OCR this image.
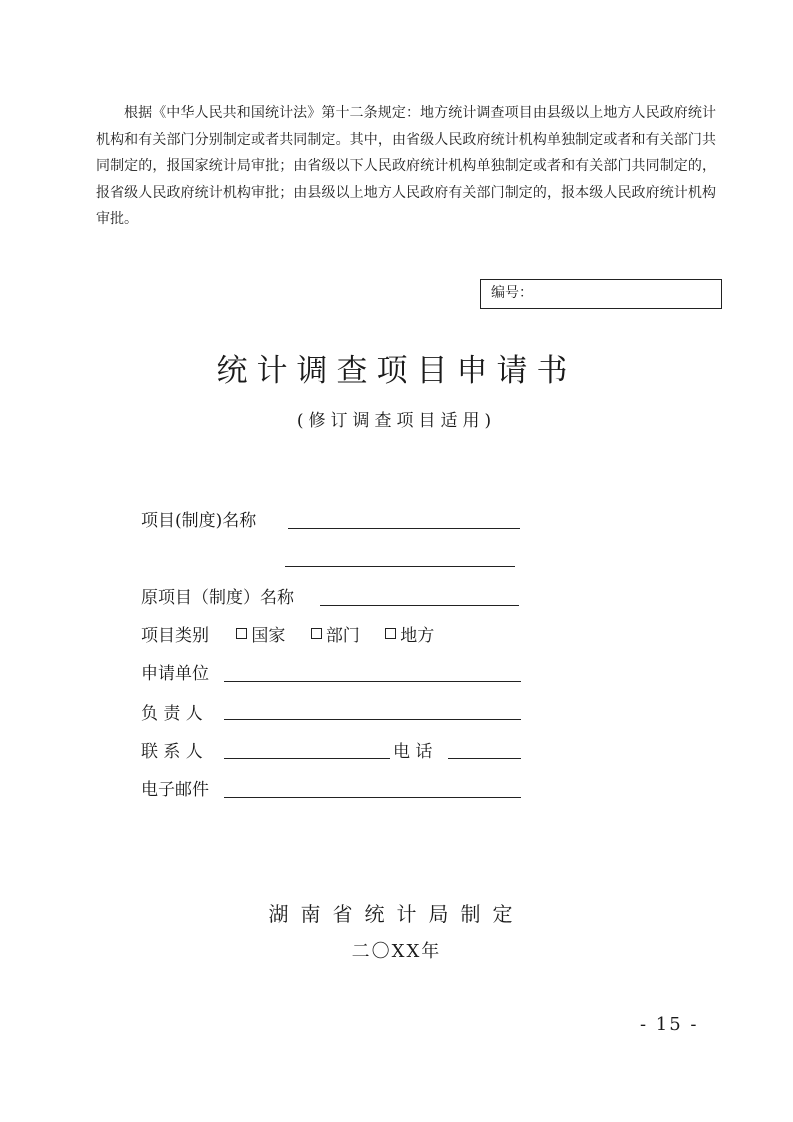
根据《中华人民共和国统计法》第十二条规定：地方统计调查项目由县级以上地方人民政府统计机构和有关部门分别制定或者共同制定。其中，由省级人民政府统计机构单独制定或者和有关部门共同制定的，报国家统计局审批；由省级以下人民政府统计机构单独制定或者和有关部门共同制定的，报省级人民政府统计机构审批；由县级以上地方人民政府有关部门制定的，报本级人民政府统计机构审批。

编号：
统计调查项目申请书
(修订调查项目适用)
项目(制度)名称
原项目（制度）名称
项目类别 国家 部门 地方
申请单位
负 责 人
联 系 人	电 话
电子邮件
湖南省统计局制定
二〇XX年
- 15 -
